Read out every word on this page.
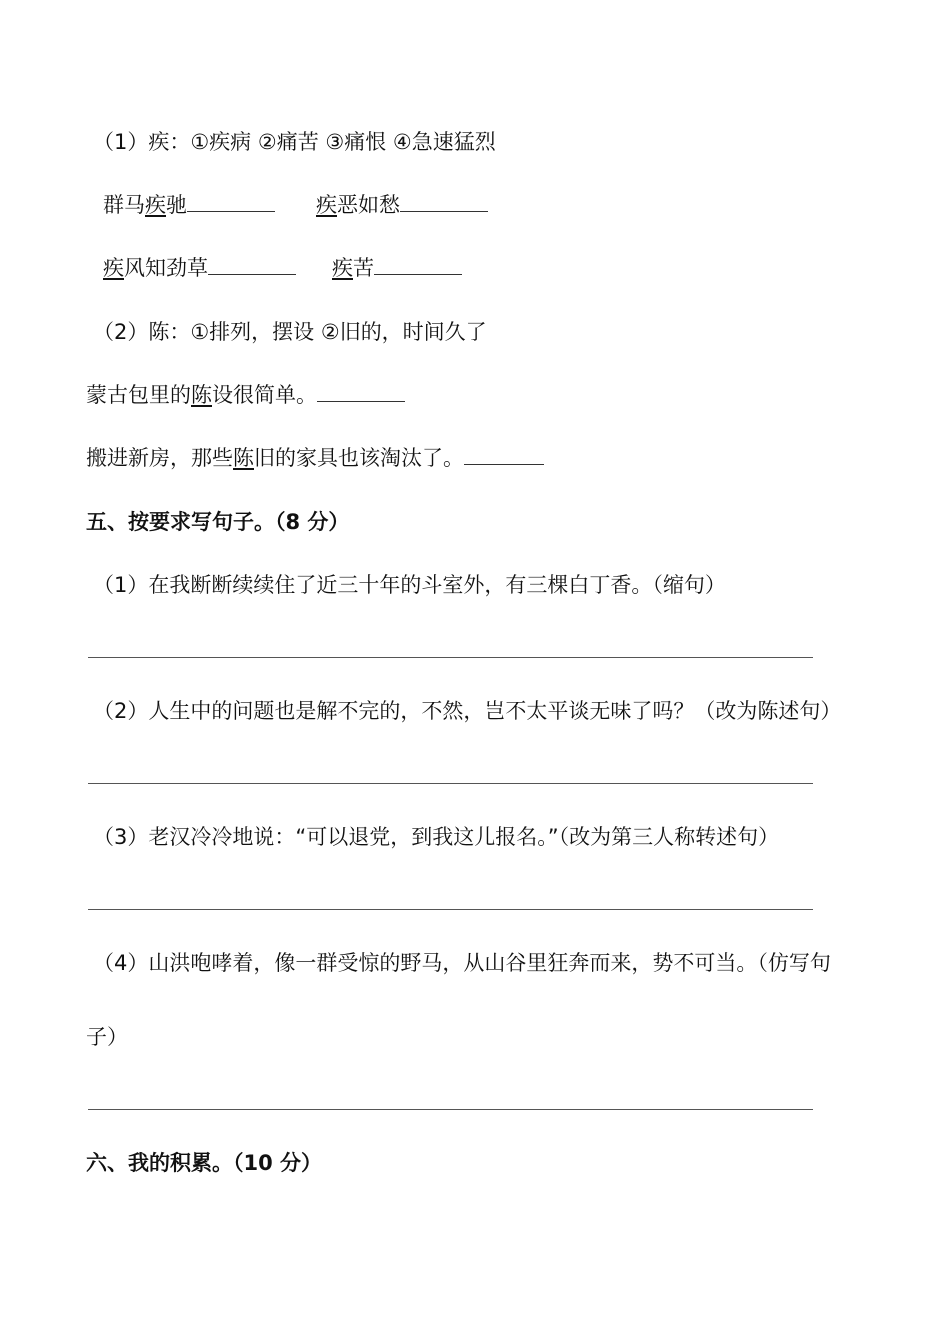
（1）疾：①疾病 ②痛苦 ③痛恨 ④急速猛烈
群马疾驰	疾恶如愁
疾风知劲草	疾苦
（2）陈：①排列，摆设 ②旧的，时间久了
蒙古包里的陈设很简单。
搬进新房，那些陈旧的家具也该淘汰了。
五、按要求写句子。（8 分）
（1）在我断断续续住了近三十年的斗室外，有三棵白丁香。（缩句）
（2）人生中的问题也是解不完的，不然，岂不太平谈无味了吗？（改为陈述句）
（3）老汉冷冷地说：“可以退党，到我这儿报名。”（改为第三人称转述句）
（4）山洪咆哮着，像一群受惊的野马，从山谷里狂奔而来，势不可当。（仿写句
子）
六、我的积累。（10 分）
